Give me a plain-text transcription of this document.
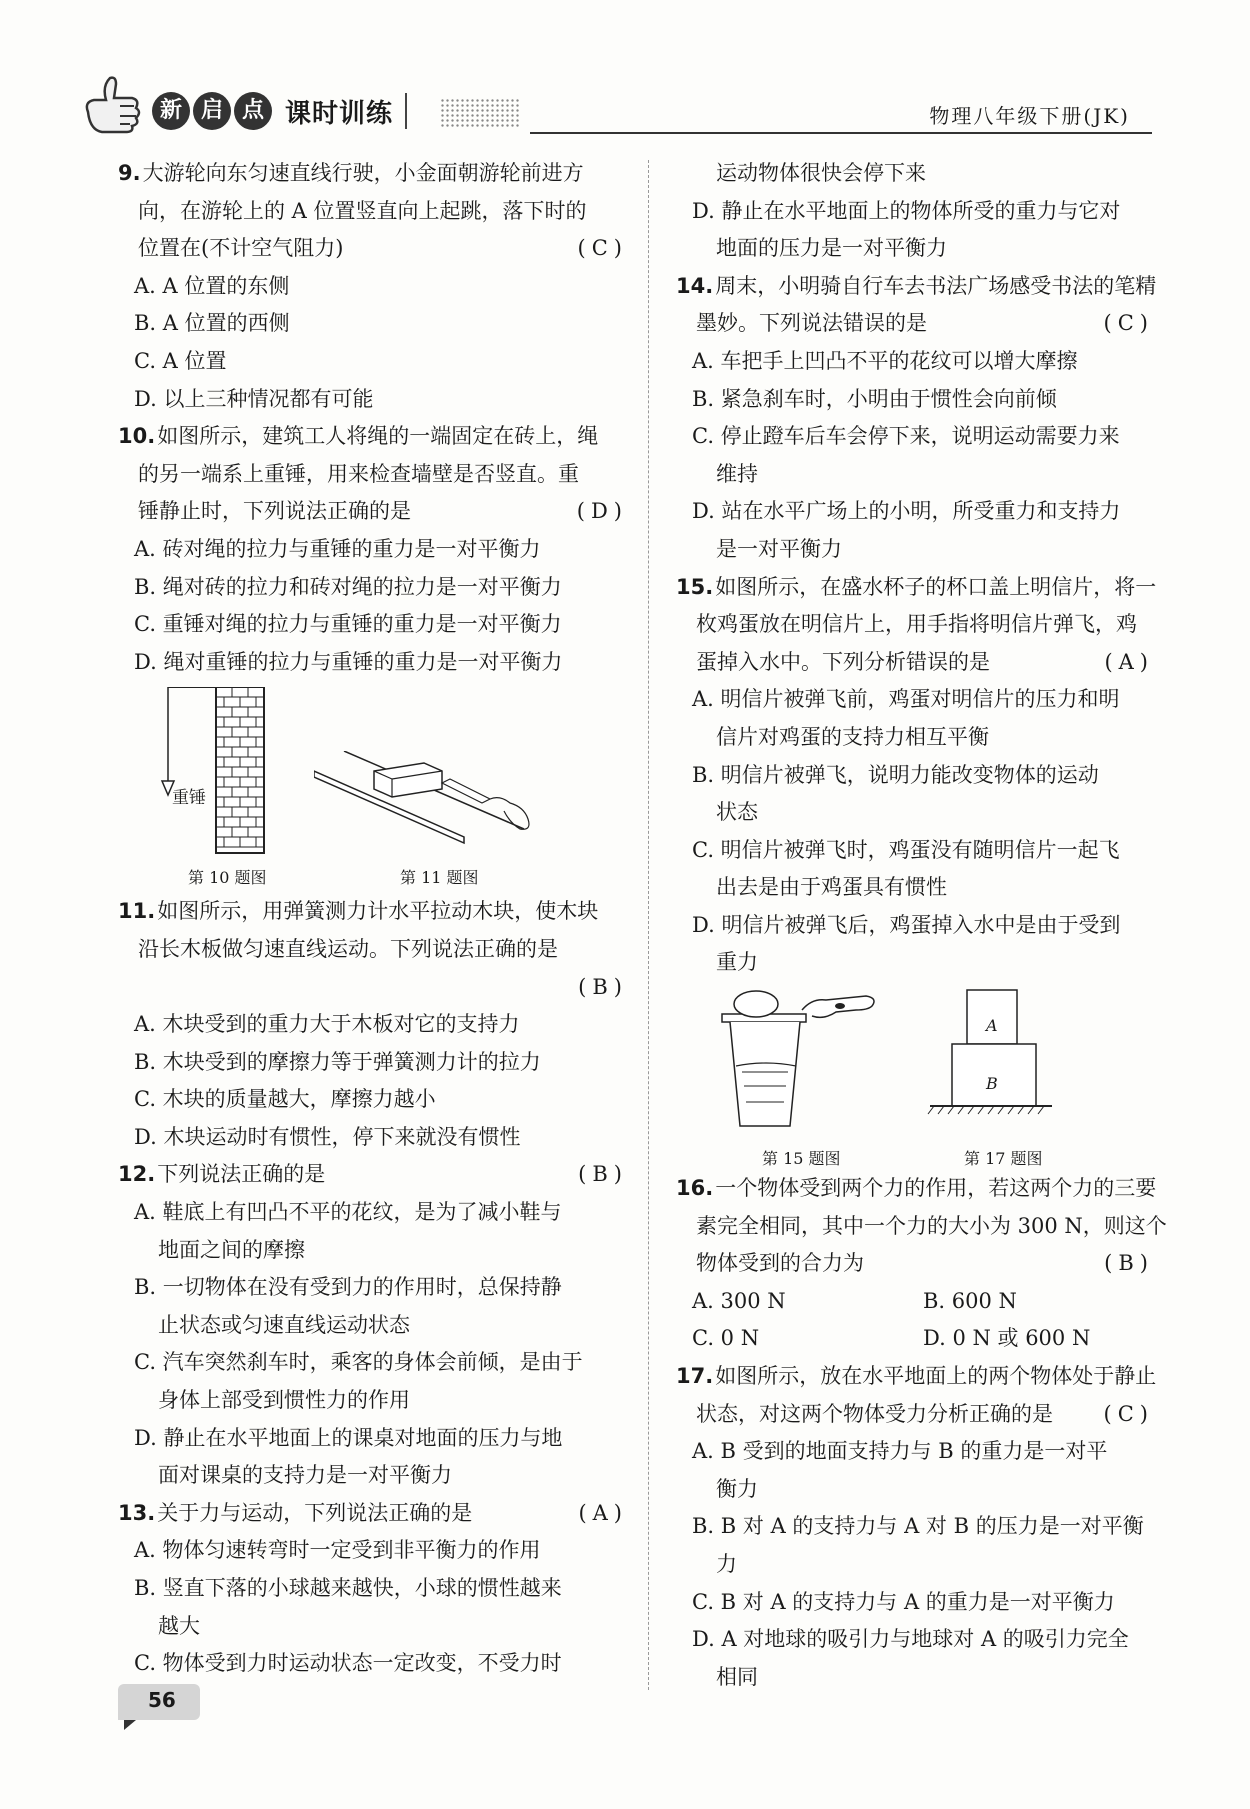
新 启 点 课时训练	物理八年级下册(JK)
9.大游轮向东匀速直线行驶，小金面朝游轮前进方
向，在游轮上的 A 位置竖直向上起跳，落下时的
位置在(不计空气阻力)	(C)
A. A 位置的东侧
B. A 位置的西侧
C. A 位置
D. 以上三种情况都有可能
10.如图所示，建筑工人将绳的一端固定在砖上，绳
的另一端系上重锤，用来检查墙壁是否竖直。重
锤静止时，下列说法正确的是	(D)
A. 砖对绳的拉力与重锤的重力是一对平衡力
B. 绳对砖的拉力和砖对绳的拉力是一对平衡力
C. 重锤对绳的拉力与重锤的重力是一对平衡力
D. 绳对重锤的拉力与重锤的重力是一对平衡力
重锤
第 10 题图	第 11 题图
11.如图所示，用弹簧测力计水平拉动木块，使木块
沿长木板做匀速直线运动。下列说法正确的是
(B)
A. 木块受到的重力大于木板对它的支持力
B. 木块受到的摩擦力等于弹簧测力计的拉力
C. 木块的质量越大，摩擦力越小
D. 木块运动时有惯性，停下来就没有惯性
12.下列说法正确的是	(B)
A. 鞋底上有凹凸不平的花纹，是为了减小鞋与
地面之间的摩擦
B. 一切物体在没有受到力的作用时，总保持静
止状态或匀速直线运动状态
C. 汽车突然刹车时，乘客的身体会前倾，是由于
身体上部受到惯性力的作用
D. 静止在水平地面上的课桌对地面的压力与地
面对课桌的支持力是一对平衡力
13.关于力与运动，下列说法正确的是	(A)
A. 物体匀速转弯时一定受到非平衡力的作用
B. 竖直下落的小球越来越快，小球的惯性越来
越大
C. 物体受到力时运动状态一定改变，不受力时
运动物体很快会停下来
D. 静止在水平地面上的物体所受的重力与它对
地面的压力是一对平衡力
14.周末，小明骑自行车去书法广场感受书法的笔精
墨妙。下列说法错误的是	(C)
A. 车把手上凹凸不平的花纹可以增大摩擦
B. 紧急刹车时，小明由于惯性会向前倾
C. 停止蹬车后车会停下来，说明运动需要力来
维持
D. 站在水平广场上的小明，所受重力和支持力
是一对平衡力
15.如图所示，在盛水杯子的杯口盖上明信片，将一
枚鸡蛋放在明信片上，用手指将明信片弹飞，鸡
蛋掉入水中。下列分析错误的是	(A)
A. 明信片被弹飞前，鸡蛋对明信片的压力和明
信片对鸡蛋的支持力相互平衡
B. 明信片被弹飞，说明力能改变物体的运动
状态
C. 明信片被弹飞时，鸡蛋没有随明信片一起飞
出去是由于鸡蛋具有惯性
D. 明信片被弹飞后，鸡蛋掉入水中是由于受到
重力
A
B
第 15 题图	第 17 题图
16.一个物体受到两个力的作用，若这两个力的三要
素完全相同，其中一个力的大小为 300 N，则这个
物体受到的合力为	(B)
A. 300 N	B. 600 N
C. 0 N	D. 0 N 或 600 N
17.如图所示，放在水平地面上的两个物体处于静止
状态，对这两个物体受力分析正确的是 (C)
A. B 受到的地面支持力与 B 的重力是一对平
衡力
B. B 对 A 的支持力与 A 对 B 的压力是一对平衡
力
C. B 对 A 的支持力与 A 的重力是一对平衡力
D. A 对地球的吸引力与地球对 A 的吸引力完全
相同
56
